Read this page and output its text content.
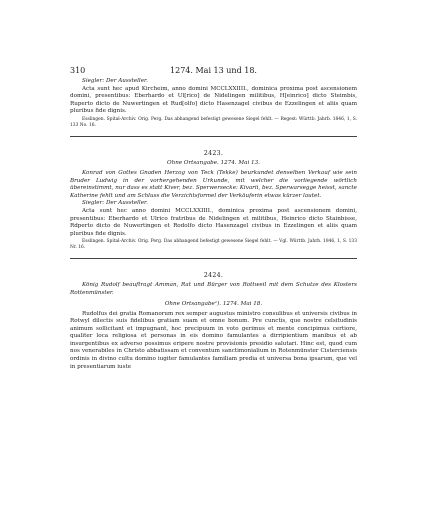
310	1274. Mai 13 und 18.

Siegler: Der Aussteller.

Acta sunt hec apud Kircheim, anno domini MCCLXXIIII., dominica proxima post ascensionem domini, presentibus: Eberhardo et Ul[rico] de Nidelingen militibus, H[einrico] dicto Steimbis, Ruperto dicto de Nuwertingen et Rud[olfo] dicto Hasenzagel civibus de Ezzelingen et aliis quam pluribus fide dignis.

Esslingen. Spital-Archiv. Orig. Perg. Das abhangend befestigt gewesene Siegel fehlt. — Regest: Württb. Jahrb. 1846, 1, S. 133 No. 16.

2423.
Ohne Ortsangabe. 1274. Mai 13.

Konrad von Gottes Gnaden Herzog von Teck (Tekke) beurkundet denselben Verkauf wie sein Bruder Ludwig in der vorhergehenden Urkunde, mit welcher die vorliegende wörtlich übereinstimmt, nur dass es statt Kiver, bez. Sperwersecke: Kivarii, bez. Sperwarsegge heisst, sancte Katherine fehlt und am Schluss die Verzichtsformel der Verkäuferin etwas kürzer lautet.

Siegler: Der Aussteller.

Acta sunt hec anno domini MCCLXXIIII., dominica proxima post ascensionem domini, presentibus: Eberhardo et Ulrico fratribus de Nidelingen et militibus, Heinrico dicto Stainbisse, Rdperto dicto de Nuwertingen et Rodolfo dicto Hasenzagel civibus in Ezzelingen et aliis quam pluribus fide dignis.

Esslingen. Spital-Archiv. Orig. Perg. Das abhangend befestigt gewesene Siegel fehlt. — Vgl. Württb. Jahrb. 1846, 1, S. 133 Nr. 16.

2424.

König Rudolf beauftragt Amman, Rat und Bürger von Rottweil mit dem Schutze des Klosters Rottenmünster.

Ohne Ortsangabe¹). 1274. Mai 18.

Rudolfus dei gratia Romanorum rex semper augustus ministro consulibus et universis civibus in Rotwyl dilectis suis fidelibus gratiam suam et omne bonum. Pre cunctis, que nostre celsitudinis animum sollicitant et impugnant, hoc precipuum in voto gerimus et mente concipimus certiore, qualiter loca religiosa et personas in eis domino famulantes a dirripientium manibus et ab insurgentibus ex adverso possimus eripere nostre provisionis presidio salutari. Hinc est, quod cum nos venerabiles in Christo abbatissam et conventum sanctimonialium in Rotenmünster Cisterciensis ordinis in divino cultu domino iugiter famulantes familiam predia et universa bona ipsarum, que vel in presentiarum iuste
